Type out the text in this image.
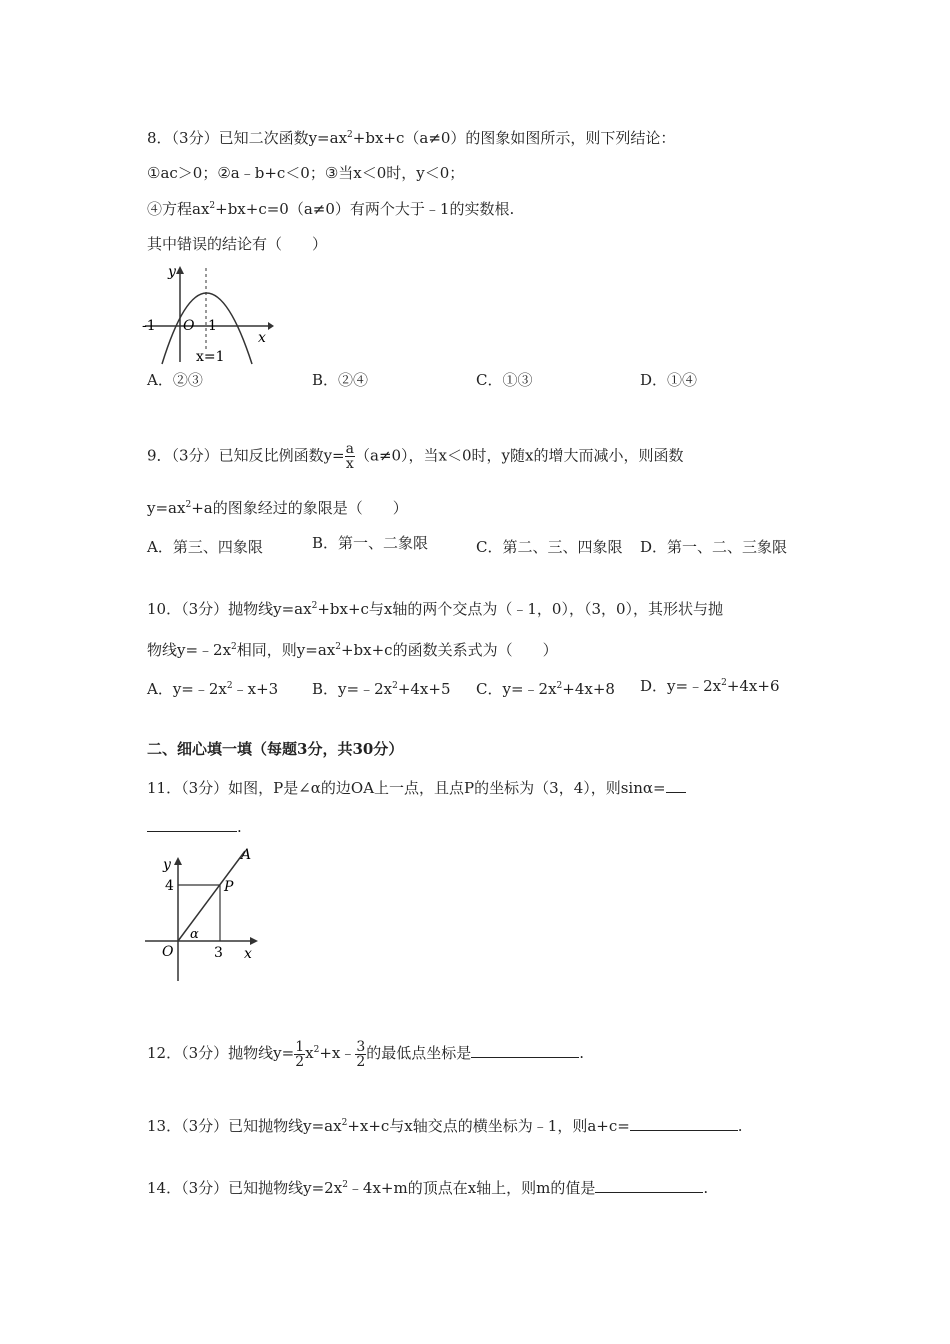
8．（3分）已知二次函数$y=ax^2+bx+c(a\ne 0)$的图象如图所示，则下列结论：
①ac＞0；②a﹣b+c＜0；③当x＜0时，y＜0；
④方程$ax^2+bx+c=0(a\ne 0)$有两个大于﹣1的实数根.
其中错误的结论有（　　）
y
x
O
-1	1
x=1
A．②③	B．②④	C．①③	D．①④
9．（3分）已知反比例函数$y= \frac{a}{x} (a\ne 0)$，当x＜0时，y随x的增大而减小，则函数
$y=ax^2+a$的图象经过的象限是（　　）
A．第三、四象限	B．第一、二象限	C．第二、三、四象限 D．第一、二、三象限
10．（3分）抛物线$y=ax^2+bx+c$与x轴的两个交点为（﹣1，0），（3，0），其形状与抛
物线$y=﹣2x^2$相同，则$y=ax^2+bx+c$的函数关系式为（　　）
A．$y=﹣2x^2﹣x+3$ B．$y=﹣2x^2+4x+5$ C．$y=﹣2x^2+4x+8$ D．$y=﹣2x^2+4x+6$
二、细心填一填（每题3分，共30分）
11．（3分）如图，P是∠α的边OA上一点，且点P的坐标为（3，4），则sinα=
.
y
x
A
P
O
α
4
3
12．（3分）抛物线$y= \frac{1}{2}$ $x^2+x﹣ \frac{3}{2}$ 的最低点坐标是	.
13．（3分）已知抛物线$y=ax^2+x+c$与x轴交点的横坐标为﹣1，则a+c=	.
14．（3分）已知抛物线$y=2x^2﹣4x+m$的顶点在x轴上，则m的值是	.
